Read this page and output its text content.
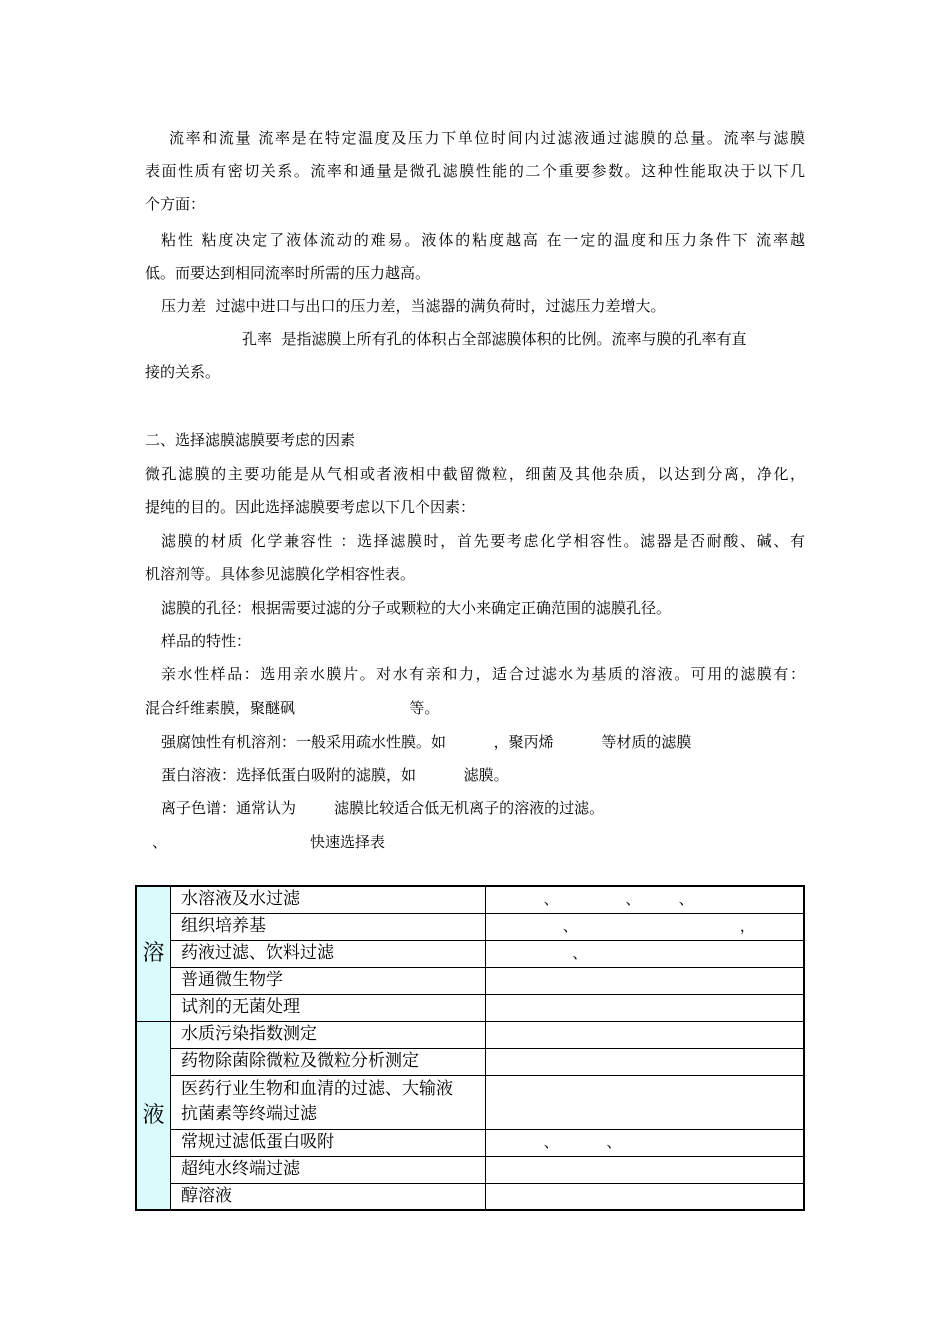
流率和流量 流率是在特定温度及压力下单位时间内过滤液通过滤膜的总量。流率与滤膜
表面性质有密切关系。流率和通量是微孔滤膜性能的二个重要参数。这种性能取决于以下几
个方面：
粘性 粘度决定了液体流动的难易。液体的粘度越高 在一定的温度和压力条件下 流率越
低。而要达到相同流率时所需的压力越高。
压力差  过滤中进口与出口的压力差，当滤器的满负荷时，过滤压力差增大。
孔率  是指滤膜上所有孔的体积占全部滤膜体积的比例。流率与膜的孔率有直
接的关系。
二、选择滤膜滤膜要考虑的因素
微孔滤膜的主要功能是从气相或者液相中截留微粒，细菌及其他杂质，以达到分离，净化，
提纯的目的。因此选择滤膜要考虑以下几个因素：
滤膜的材质 化学兼容性 ：选择滤膜时，首先要考虑化学相容性。滤器是否耐酸、碱、有
机溶剂等。具体参见滤膜化学相容性表。
滤膜的孔径：根据需要过滤的分子或颗粒的大小来确定正确范围的滤膜孔径。
样品的特性：
亲水性样品：选用亲水膜片。对水有亲和力，适合过滤水为基质的溶液。可用的滤膜有：
混合纤维素膜，聚醚砜                        等。
强腐蚀性有机溶剂：一般采用疏水性膜。如          ，聚丙烯          等材质的滤膜
蛋白溶液：选择低蛋白吸附的滤膜，如          滤膜。
离子色谱：通常认为        滤膜比较适合低无机离子的溶液的过滤。
、                              快速选择表
溶	水溶液及水过滤	、              、        、
	组织培养基	、                                  ，
	药液过滤、饮料过滤	、
	普通微生物学	
	试剂的无菌处理	
液	水质污染指数测定	
	药物除菌除微粒及微粒分析测定	

	医药行业生物和血清的过滤、大输液
抗菌素等终端过滤	

	常规过滤低蛋白吸附	、          、
	超纯水终端过滤	
	醇溶液	
